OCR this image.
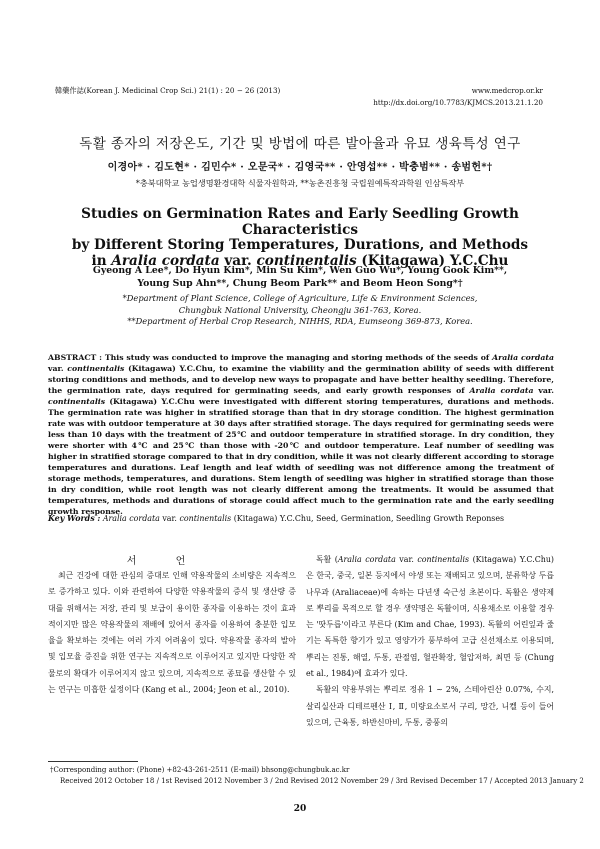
韓藥作誌(Korean J. Medicinal Crop Sci.) 21(1) : 20 − 26 (2013)	www.medcrop.or.kr
http://dx.doi.org/10.7783/KJMCS.2013.21.1.20
독활 종자의 저장온도, 기간 및 방법에 따른 발아율과 유묘 생육특성 연구
이경아* · 김도현* · 김민수* · 오문국* · 김영국** · 안영섭** · 박충범** · 송범헌*†
*충북대학교 농업생명환경대학 식물자원학과, **농촌진흥청 국립원예특작과학원 인삼특작부
Studies on Germination Rates and Early Seedling Growth Characteristics
by Different Storing Temperatures, Durations, and Methods
in Aralia cordata var. continentalis (Kitagawa) Y.C.Chu
Gyeong A Lee*, Do Hyun Kim*, Min Su Kim*, Wen Guo Wu*, Young Gook Kim**,
Young Sup Ahn**, Chung Beom Park** and Beom Heon Song*†
*Department of Plant Science, College of Agriculture, Life & Environment Sciences,
Chungbuk National University, Cheongju 361-763, Korea.
**Department of Herbal Crop Research, NIHHS, RDA, Eumseong 369-873, Korea.
ABSTRACT : This study was conducted to improve the managing and storing methods of the seeds of Aralia cordata var. continentalis (Kitagawa) Y.C.Chu, to examine the viability and the germination ability of seeds with different storing conditions and methods, and to develop new ways to propagate and have better healthy seedling. Therefore, the germination rate, days required for germinating seeds, and early growth responses of Aralia cordata var. continentalis (Kitagawa) Y.C.Chu were investigated with different storing temperatures, durations and methods. The germination rate was higher in stratified storage than that in dry storage condition. The highest germination rate was with outdoor temperature at 30 days after stratified storage. The days required for germinating seeds were less than 10 days with the treatment of 25℃ and outdoor temperature in stratified storage. In dry condition, they were shorter with 4℃ and 25℃ than those with -20℃ and outdoor temperature. Leaf number of seedling was higher in stratified storage compared to that in dry condition, while it was not clearly different according to storage temperatures and durations. Leaf length and leaf width of seedling was not difference among the treatment of storage methods, temperatures, and durations. Stem length of seedling was higher in stratified storage than those in dry condition, while root length was not clearly different among the treatments. It would be assumed that temperatures, methods and durations of storage could affect much to the germination rate and the early seedling growth response.
Key Words : Aralia cordata var. continentalis (Kitagawa) Y.C.Chu, Seed, Germination, Seedling Growth Reponses
서 언
최근 건강에 대한 관심의 증대로 인해 약용작물의 소비량은 지속적으로 증가하고 있다. 이와 관련하여 다양한 약용작물의 증식 및 생산량 증대를 위해서는 저장, 관리 및 보급이 용이한 종자를 이용하는 것이 효과적이지만 많은 약용작물의 재배에 있어서 종자를 이용하여 충분한 입모율을 확보하는 것에는 여러 가지 어려움이 있다. 약용작물 종자의 발아 및 입모율 증진을 위한 연구는 지속적으로 이루어지고 있지만 다양한 작물로의 확대가 이루어지지 않고 있으며, 지속적으로 종묘를 생산할 수 있는 연구는 미흡한 실정이다 (Kang et al., 2004; Jeon et al., 2010).

독활 (Aralia cordata var. continentalis (Kitagawa) Y.C.Chu)은 한국, 중국, 일본 등지에서 야생 또는 재배되고 있으며, 분류학상 두릅나무과 (Araliaceae)에 속하는 다년생 숙근성 초본이다. 독활은 생약제로 뿌리를 목적으로 할 경우 생약명은 독활이며, 식용채소로 이용할 경우는 '땃두릅'이라고 부른다 (Kim and Chae, 1993). 독활의 어린잎과 줄기는 독특한 향기가 있고 영양가가 풍부하여 고급 신선채소로 이용되며, 뿌리는 진통, 해열, 두통, 관절염, 혈관확장, 혈압저하, 최면 등 (Chung et al., 1984)에 효과가 있다.

독활의 약용부위는 뿌리로 정유 1 ~ 2%, 스테아린산 0.07%, 수지, 살리실산과 디테르펜산 Ⅰ, Ⅱ, 미량요소로서 구리, 망간, 니켈 등이 들어 있으며, 근육통, 하반신마비, 두통, 중풍의

†Corresponding author: (Phone) +82-43-261-2511 (E-mail) bhsong@chungbuk.ac.kr
Received 2012 October 18 / 1st Revised 2012 November 3 / 2nd Revised 2012 November 29 / 3rd Revised December 17 / Accepted 2013 January 2
20
